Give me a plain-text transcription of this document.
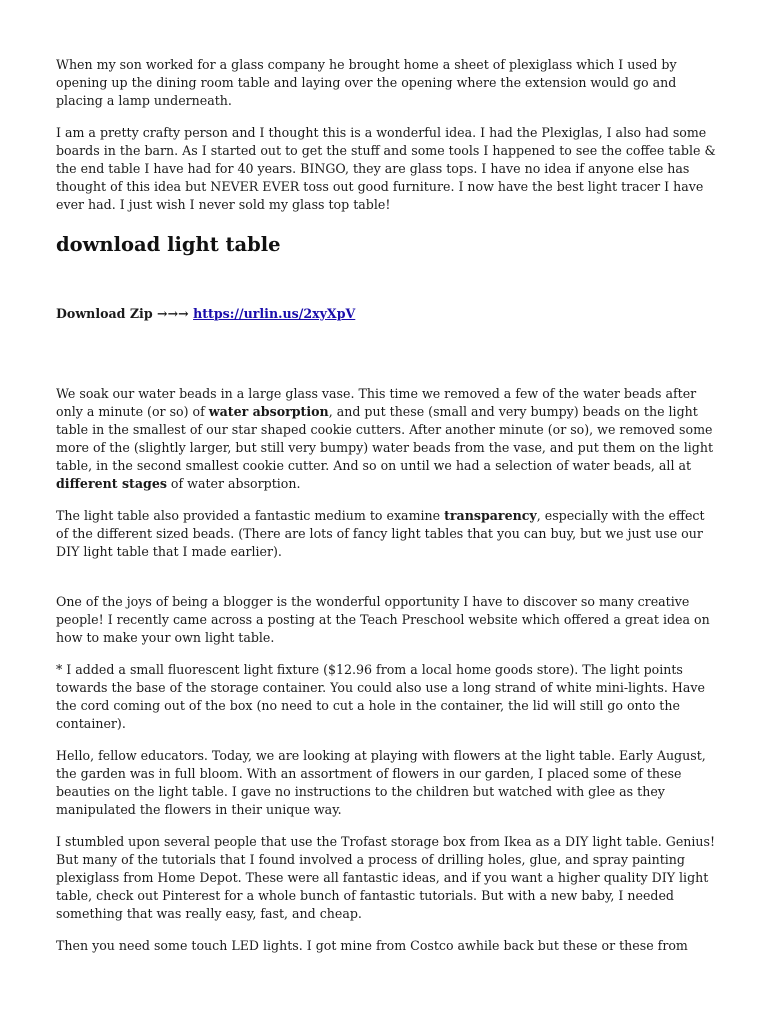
When my son worked for a glass company he brought home a sheet of plexiglass which I used by opening up the dining room table and laying over the opening where the extension would go and placing a lamp underneath.

I am a pretty crafty person and I thought this is a wonderful idea. I had the Plexiglas, I also had some boards in the barn. As I started out to get the stuff and some tools I happened to see the coffee table & the end table I have had for 40 years. BINGO, they are glass tops. I have no idea if anyone else has thought of this idea but NEVER EVER toss out good furniture. I now have the best light tracer I have ever had. I just wish I never sold my glass top table!

download light table

Download Zip →→→ https://urlin.us/2xyXpV

We soak our water beads in a large glass vase. This time we removed a few of the water beads after only a minute (or so) of water absorption, and put these (small and very bumpy) beads on the light table in the smallest of our star shaped cookie cutters. After another minute (or so), we removed some more of the (slightly larger, but still very bumpy) water beads from the vase, and put them on the light table, in the second smallest cookie cutter. And so on until we had a selection of water beads, all at different stages of water absorption.

The light table also provided a fantastic medium to examine transparency, especially with the effect of the different sized beads. (There are lots of fancy light tables that you can buy, but we just use our DIY light table that I made earlier).

One of the joys of being a blogger is the wonderful opportunity I have to discover so many creative people! I recently came across a posting at the Teach Preschool website which offered a great idea on how to make your own light table.

* I added a small fluorescent light fixture ($12.96 from a local home goods store). The light points towards the base of the storage container. You could also use a long strand of white mini-lights. Have the cord coming out of the box (no need to cut a hole in the container, the lid will still go onto the container).

Hello, fellow educators. Today, we are looking at playing with flowers at the light table. Early August, the garden was in full bloom. With an assortment of flowers in our garden, I placed some of these beauties on the light table. I gave no instructions to the children but watched with glee as they manipulated the flowers in their unique way.

I stumbled upon several people that use the Trofast storage box from Ikea as a DIY light table. Genius! But many of the tutorials that I found involved a process of drilling holes, glue, and spray painting plexiglass from Home Depot. These were all fantastic ideas, and if you want a higher quality DIY light table, check out Pinterest for a whole bunch of fantastic tutorials. But with a new baby, I needed something that was really easy, fast, and cheap.

Then you need some touch LED lights. I got mine from Costco awhile back but these or these from
